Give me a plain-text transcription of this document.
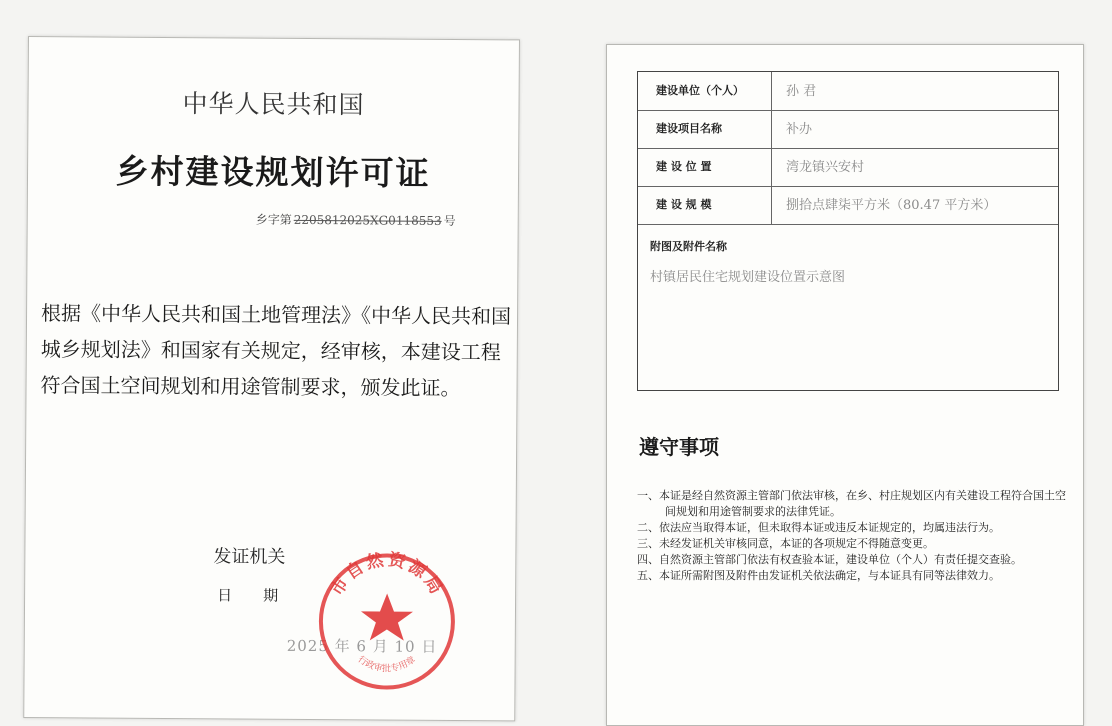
中华人民共和国
乡村建设规划许可证
乡字第 2205812025XG0118553 号
根据《中华人民共和国土地管理法》《中华人民共和国城乡规划法》和国家有关规定，经审核，本建设工程符合国土空间规划和用途管制要求，颁发此证。
发证机关
日 期
2025 年 6 月 10 日
市自然资源局
行政审批专用章
建设单位（个人）	孙 君
建设项目名称	补办
建 设 位 置	湾龙镇兴安村
建 设 规 模	捌拾点肆柒平方米（80.47 平方米）
附图及附件名称
村镇居民住宅规划建设位置示意图
遵守事项
一、本证是经自然资源主管部门依法审核，在乡、村庄规划区内有关建设工程符合国土空间规划和用途管制要求的法律凭证。
二、依法应当取得本证，但未取得本证或违反本证规定的，均属违法行为。
三、未经发证机关审核同意，本证的各项规定不得随意变更。
四、自然资源主管部门依法有权查验本证，建设单位（个人）有责任提交查验。
五、本证所需附图及附件由发证机关依法确定，与本证具有同等法律效力。
